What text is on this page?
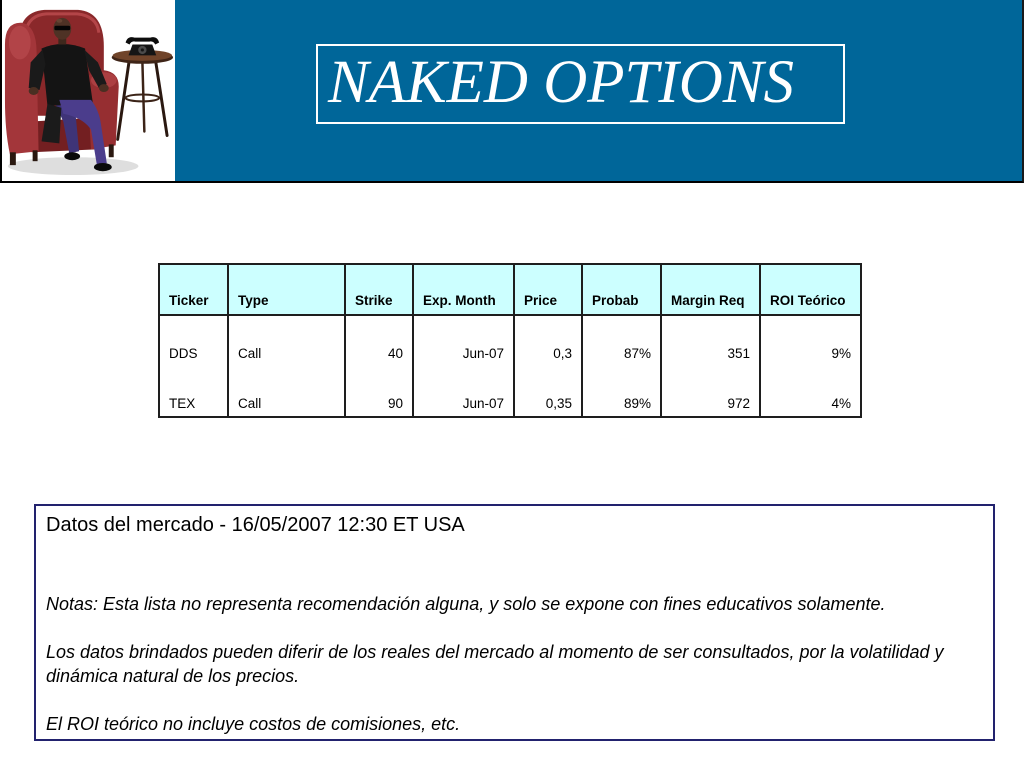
NAKED OPTIONS
Ticker	Type	Strike	Exp. Month	Price	Probab	Margin Req	ROI Teórico
DDS	Call	40	Jun-07	0,3	87%	351	9%
TEX	Call	90	Jun-07	0,35	89%	972	4%

Datos del mercado - 16/05/2007 12:30 ET USA

Notas: Esta lista no representa recomendación alguna, y solo se expone con fines educativos solamente.

Los datos brindados pueden diferir de los reales del mercado al momento de ser consultados, por la volatilidad y dinámica natural de los precios.

El ROI teórico no incluye costos de comisiones, etc.
